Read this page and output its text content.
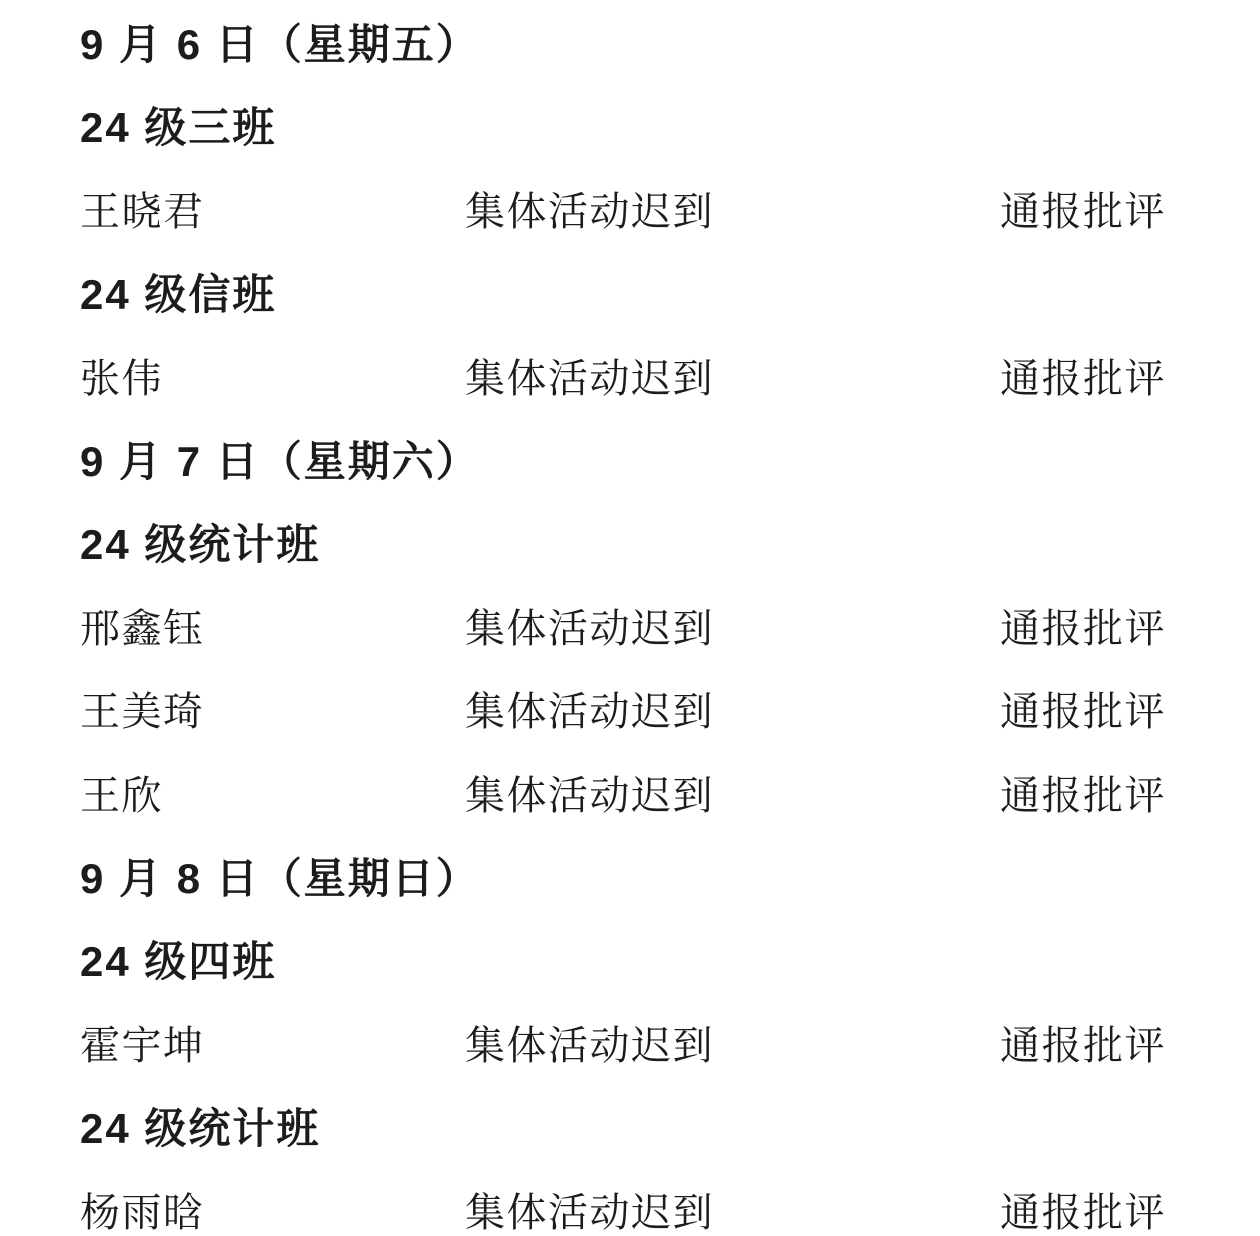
9 月 6 日（星期五）
24 级三班
王晓君	集体活动迟到	通报批评
24 级信班
张伟	集体活动迟到	通报批评
9 月 7 日（星期六）
24 级统计班
邢鑫钰	集体活动迟到	通报批评
王美琦	集体活动迟到	通报批评
王欣	集体活动迟到	通报批评
9 月 8 日（星期日）
24 级四班
霍宇坤	集体活动迟到	通报批评
24 级统计班
杨雨晗	集体活动迟到	通报批评
